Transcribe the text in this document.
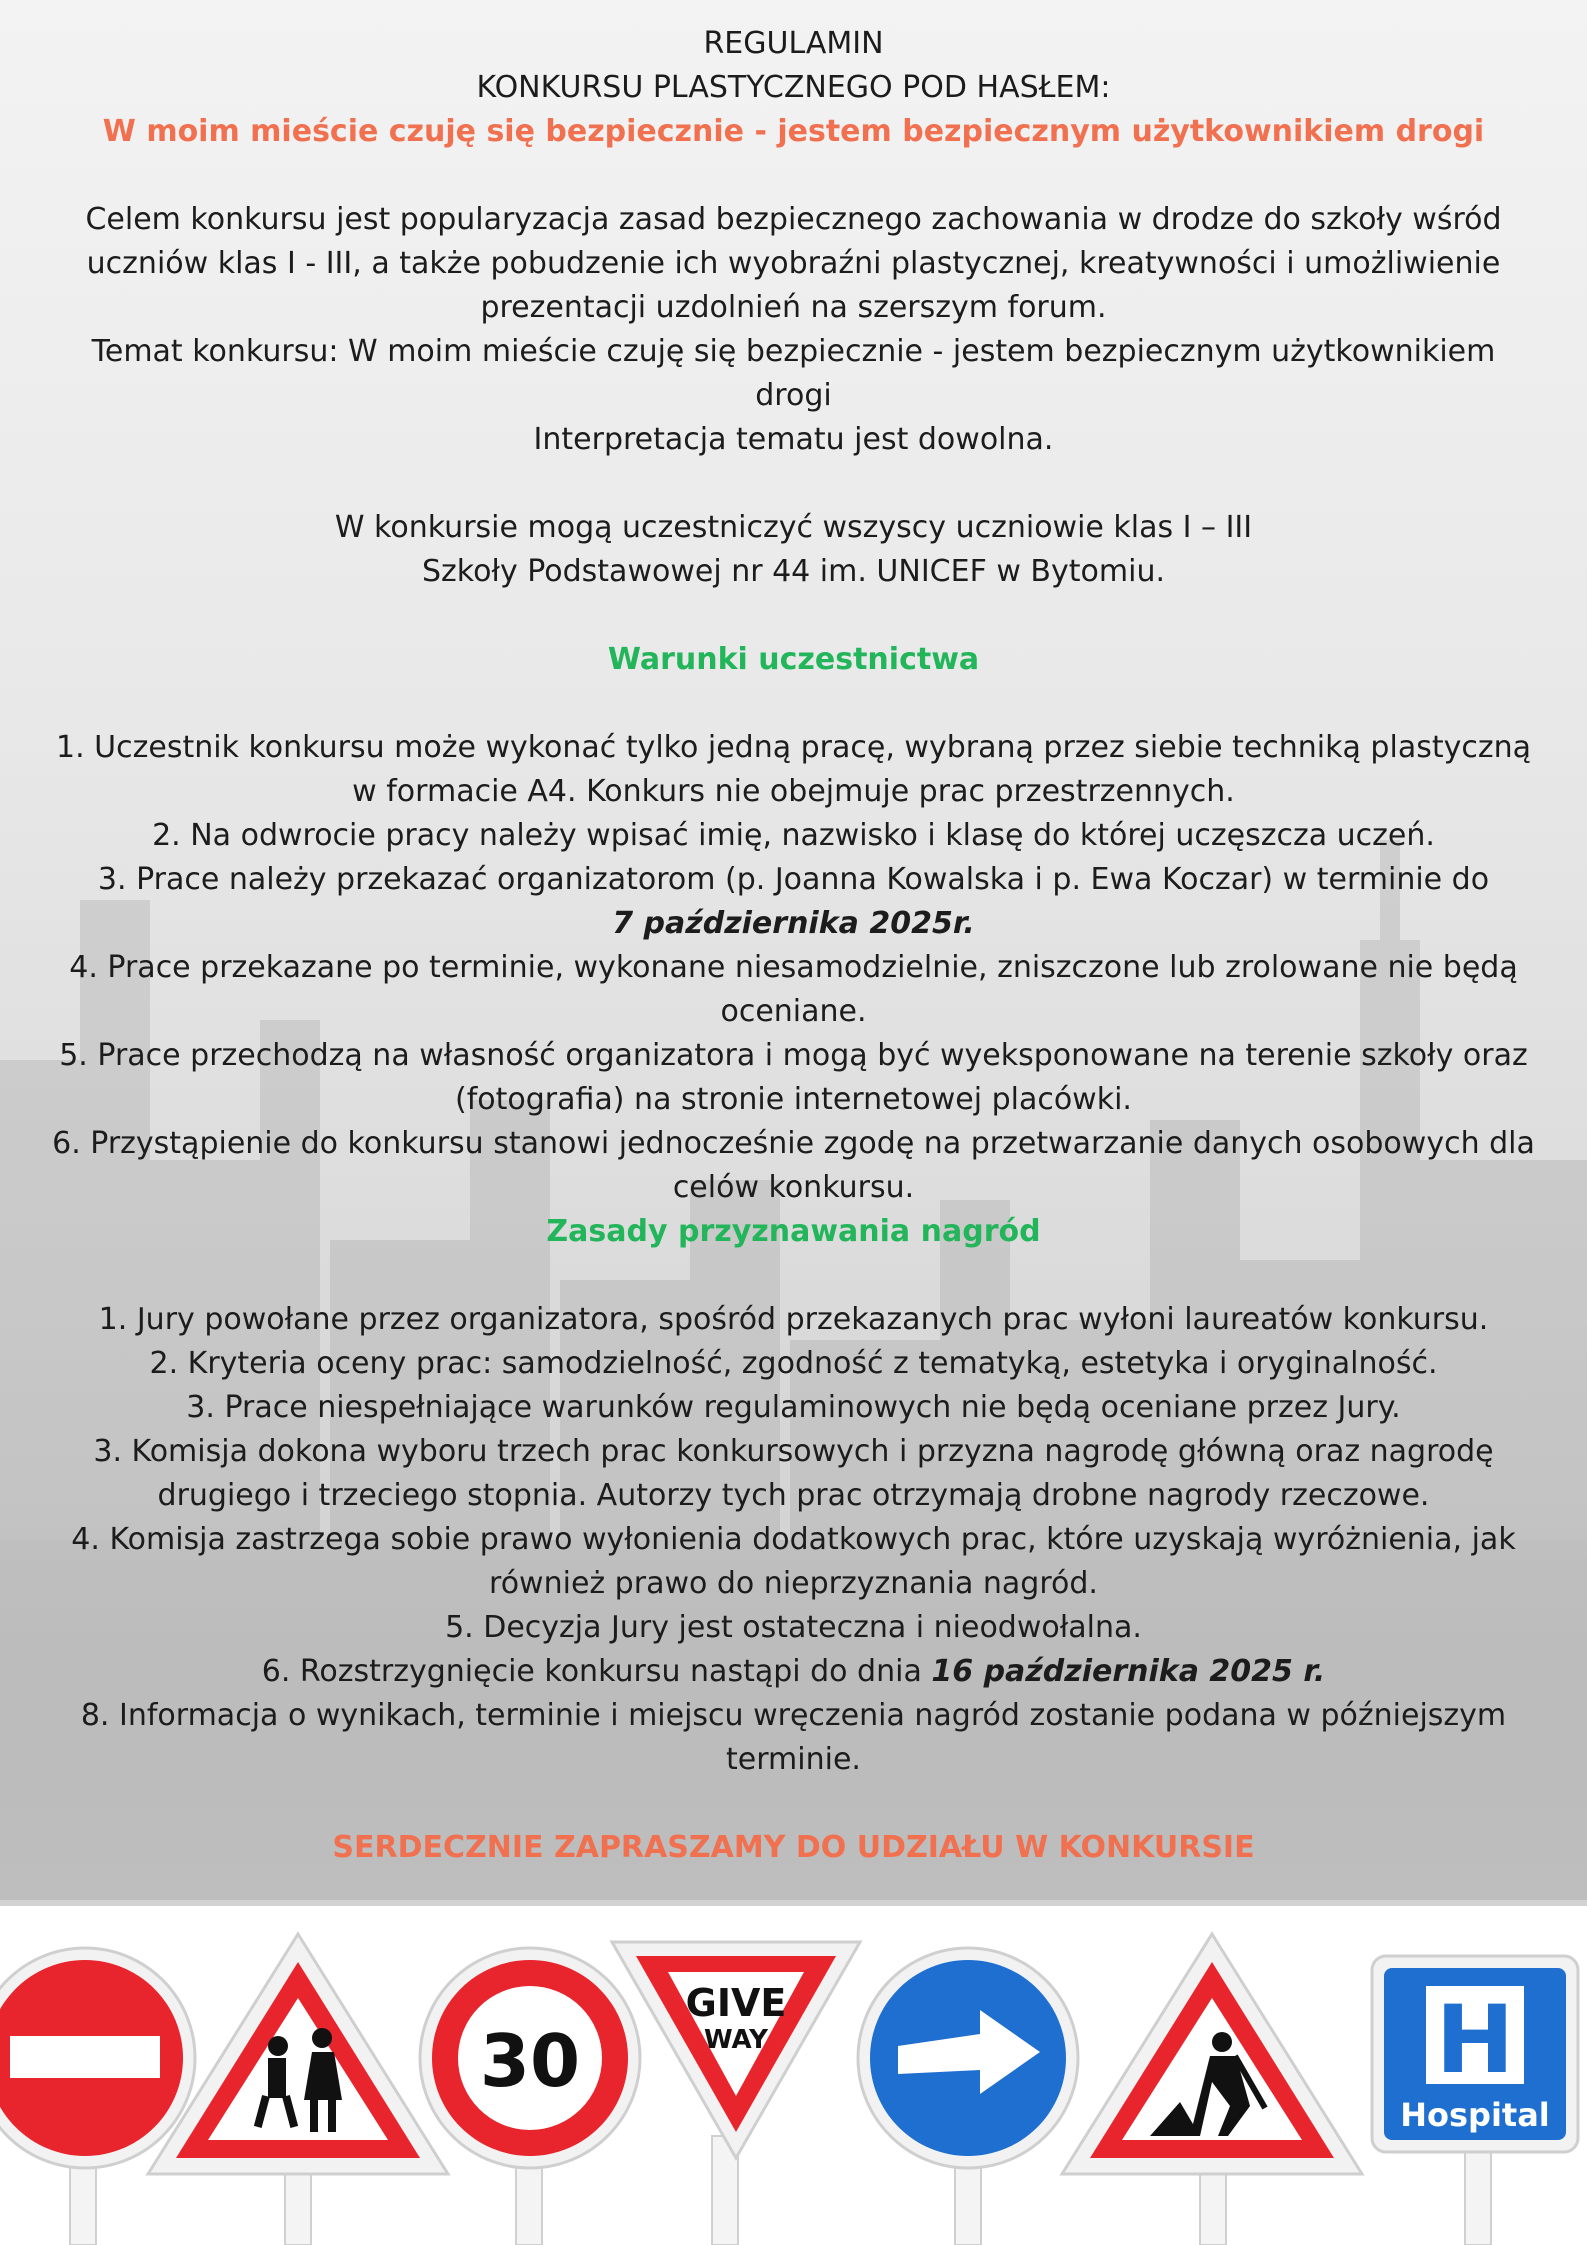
REGULAMIN

KONKURSU PLASTYCZNEGO POD HASŁEM:

W moim mieście czuję się bezpiecznie - jestem bezpiecznym użytkownikiem drogi

Celem konkursu jest popularyzacja zasad bezpiecznego zachowania w drodze do szkoły wśród uczniów klas I - III, a także pobudzenie ich wyobraźni plastycznej, kreatywności i umożliwienie prezentacji uzdolnień na szerszym forum.

Temat konkursu: W moim mieście czuję się bezpiecznie - jestem bezpiecznym użytkownikiem drogi

Interpretacja tematu jest dowolna.

W konkursie mogą uczestniczyć wszyscy uczniowie klas I – III

Szkoły Podstawowej nr 44 im. UNICEF w Bytomiu.

Warunki uczestnictwa

1. Uczestnik konkursu może wykonać tylko jedną pracę, wybraną przez siebie techniką plastyczną w formacie A4. Konkurs nie obejmuje prac przestrzennych.

2. Na odwrocie pracy należy wpisać imię, nazwisko i klasę do której uczęszcza uczeń.

3. Prace należy przekazać organizatorom (p. Joanna Kowalska i p. Ewa Koczar) w terminie do

7 października 2025r.

4. Prace przekazane po terminie, wykonane niesamodzielnie, zniszczone lub zrolowane nie będą oceniane.

5. Prace przechodzą na własność organizatora i mogą być wyeksponowane na terenie szkoły oraz (fotografia) na stronie internetowej placówki.

6. Przystąpienie do konkursu stanowi jednocześnie zgodę na przetwarzanie danych osobowych dla celów konkursu.

Zasady przyznawania nagród

1. Jury powołane przez organizatora, spośród przekazanych prac wyłoni laureatów konkursu.

2. Kryteria oceny prac: samodzielność, zgodność z tematyką, estetyka i oryginalność.

3. Prace niespełniające warunków regulaminowych nie będą oceniane przez Jury.

3. Komisja dokona wyboru trzech prac konkursowych i przyzna nagrodę główną oraz nagrodę drugiego i trzeciego stopnia. Autorzy tych prac otrzymają drobne nagrody rzeczowe.

4. Komisja zastrzega sobie prawo wyłonienia dodatkowych prac, które uzyskają wyróżnienia, jak również prawo do nieprzyznania nagród.

5. Decyzja Jury jest ostateczna i nieodwołalna.

6. Rozstrzygnięcie konkursu nastąpi do dnia 16 października 2025 r.

8. Informacja o wynikach, terminie i miejscu wręczenia nagród zostanie podana w późniejszym terminie.

SERDECZNIE ZAPRASZAMY DO UDZIAŁU W KONKURSIE

30
GIVE
WAY	H
Hospital
